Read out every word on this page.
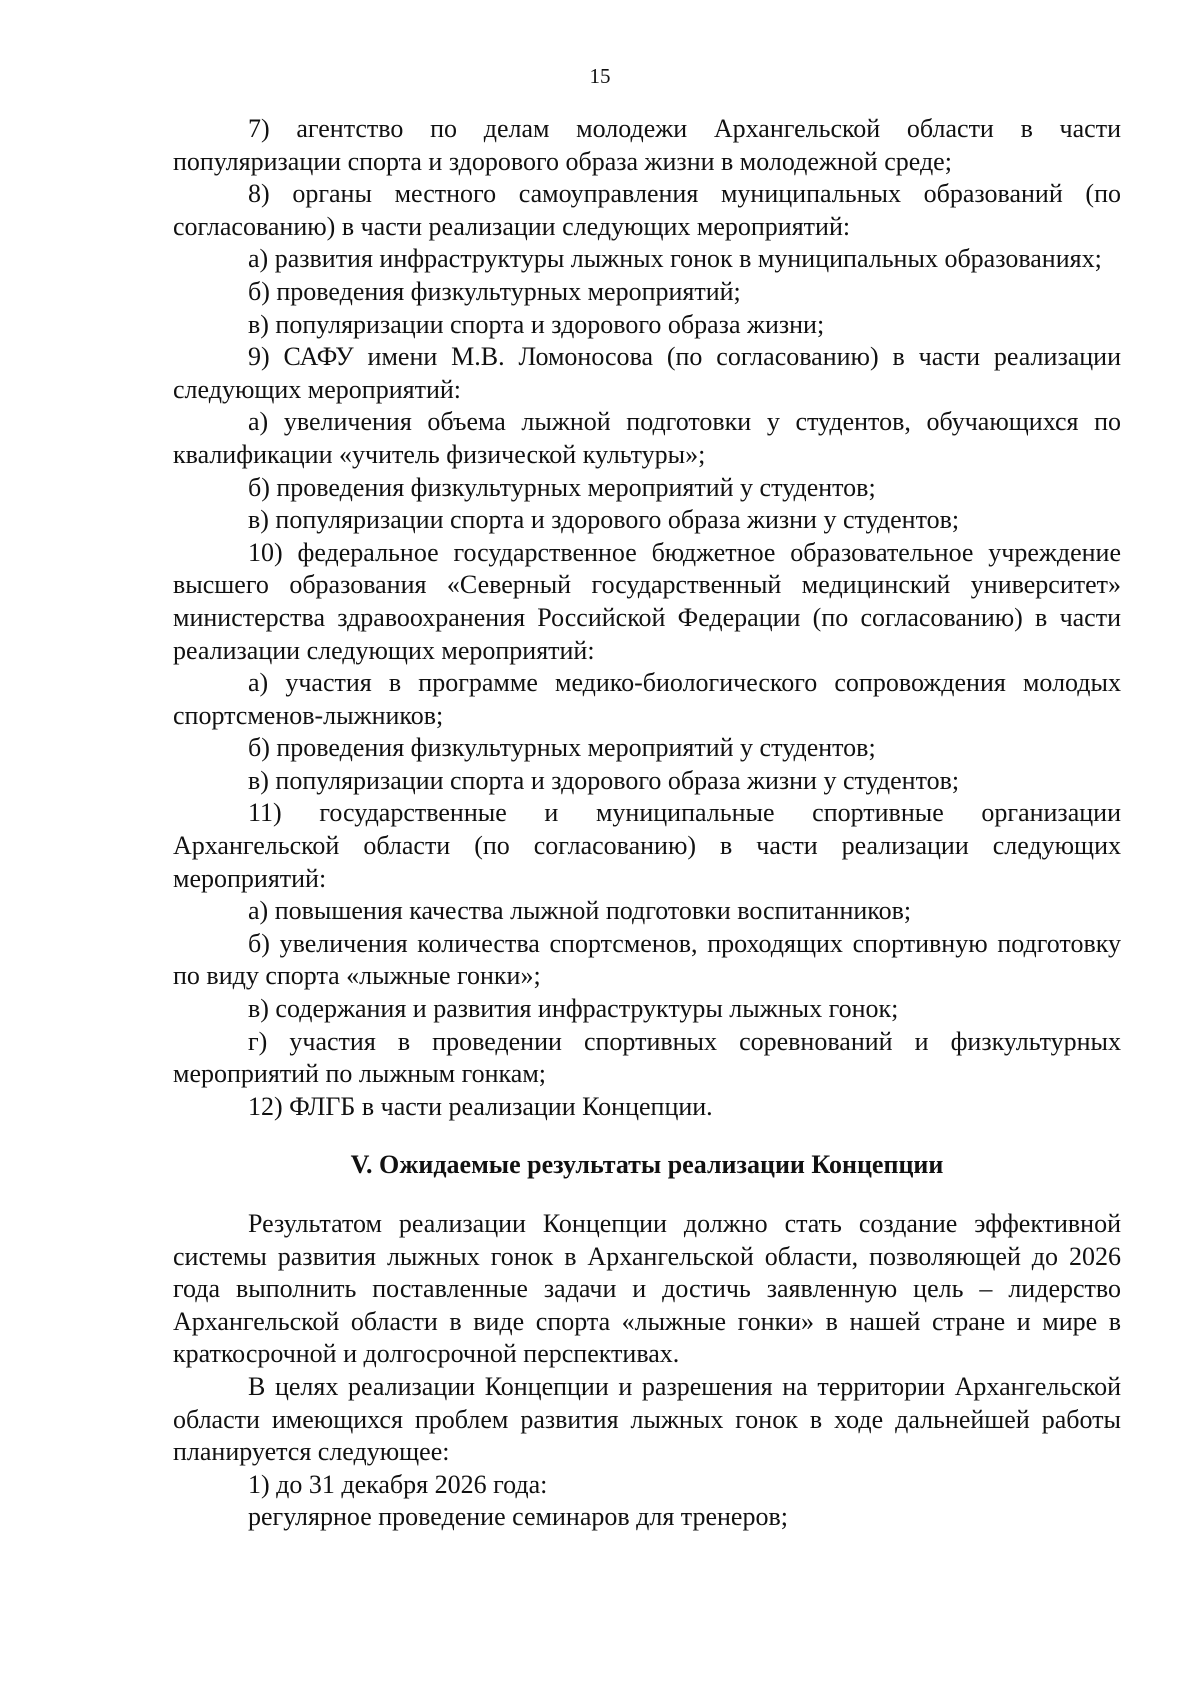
15

7) агентство по делам молодежи Архангельской области в части популяризации спорта и здорового образа жизни в молодежной среде;

8) органы местного самоуправления муниципальных образований (по согласованию) в части реализации следующих мероприятий:

а) развития инфраструктуры лыжных гонок в муниципальных образованиях;

б) проведения физкультурных мероприятий;

в) популяризации спорта и здорового образа жизни;

9) САФУ имени М.В. Ломоносова (по согласованию) в части реализации следующих мероприятий:

а) увеличения объема лыжной подготовки у студентов, обучающихся по квалификации «учитель физической культуры»;

б) проведения физкультурных мероприятий у студентов;

в) популяризации спорта и здорового образа жизни у студентов;

10) федеральное государственное бюджетное образовательное учреждение высшего образования «Северный государственный медицинский университет» министерства здравоохранения Российской Федерации (по согласованию) в части реализации следующих мероприятий:

а) участия в программе медико-биологического сопровождения молодых спортсменов-лыжников;

б) проведения физкультурных мероприятий у студентов;

в) популяризации спорта и здорового образа жизни у студентов;

11) государственные и муниципальные спортивные организации Архангельской области (по согласованию) в части реализации следующих мероприятий:

а) повышения качества лыжной подготовки воспитанников;

б) увеличения количества спортсменов, проходящих спортивную подготовку по виду спорта «лыжные гонки»;

в) содержания и развития инфраструктуры лыжных гонок;

г) участия в проведении спортивных соревнований и физкультурных мероприятий по лыжным гонкам;

12) ФЛГБ в части реализации Концепции.

V. Ожидаемые результаты реализации Концепции

Результатом реализации Концепции должно стать создание эффективной системы развития лыжных гонок в Архангельской области, позволяющей до 2026 года выполнить поставленные задачи и достичь заявленную цель – лидерство Архангельской области в виде спорта «лыжные гонки» в нашей стране и мире в краткосрочной и долгосрочной перспективах.

В целях реализации Концепции и разрешения на территории Архангельской области имеющихся проблем развития лыжных гонок в ходе дальнейшей работы планируется следующее:

1) до 31 декабря 2026 года:

регулярное проведение семинаров для тренеров;
